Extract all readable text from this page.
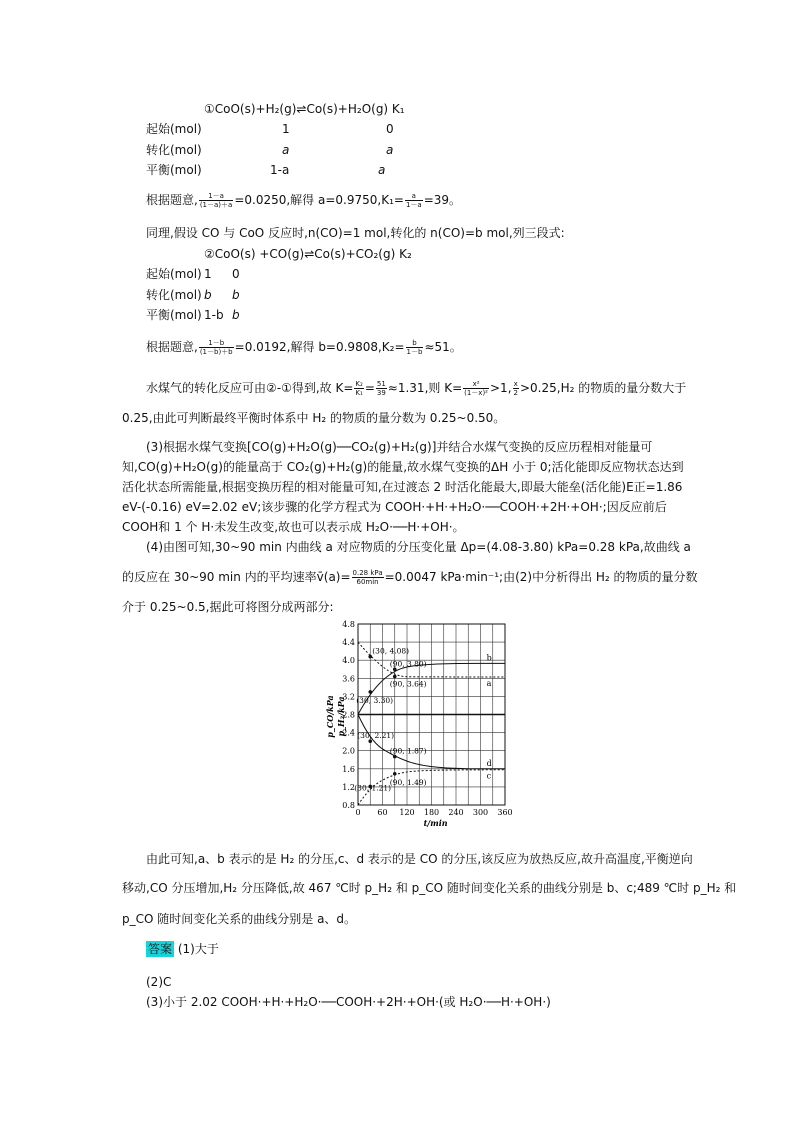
①CoO(s)+H₂(g)⇌Co(s)+H₂O(g) K₁
起始(mol)	1	0
转化(mol)	a	a
平衡(mol)	1-a	a
根据题意, $\frac{1-a}{(1-a)+a} =0.0250$,解得 $a=0.9750,K_1= \frac{a}{1-a} =39$。
同理,假设 CO 与 CoO 反应时,n(CO)=1 mol,转化的 n(CO)=b mol,列三段式:
②CoO(s) +CO(g)⇌Co(s)+CO₂(g) K₂
起始(mol) 1 0
转化(mol) b b
平衡(mol) 1-b b
根据题意, $\frac{1-b}{(1-b)+b} =0.0192$,解得 $b=0.9808,K_2= \frac{b}{1-b} \approx 51$。
水煤气的转化反应可由②-①得到,故 $K= \frac{\text{K₂}}{\text{K₁}} = \frac{51}{39} \approx 1.31$,则 $K= \frac{\text{x²}}{\text{(1－x)²}} >1$, $\frac{x}{2} >0.25,H_2$ 的物质的量分数大于
0.25,由此可判断最终平衡时体系中 H₂ 的物质的量分数为 0.25~0.50。
(3)根据水煤气变换[CO(g)+H₂O(g)──CO₂(g)+H₂(g)]并结合水煤气变换的反应历程相对能量可
知,CO(g)+H₂O(g)的能量高于 CO₂(g)+H₂(g)的能量,故水煤气变换的ΔH 小于 0;活化能即反应物状态达到
活化状态所需能量,根据变换历程的相对能量可知,在过渡态 2 时活化能最大,即最大能垒(活化能)E正=1.86
eV-(-0.16) eV=2.02 eV;该步骤的化学方程式为 COOH·+H·+H₂O·──COOH·+2H·+OH·;因反应前后
COOH和 1 个 H·未发生改变,故也可以表示成 H₂O·──H·+OH·。
(4)由图可知,30~90 min 内曲线 a 对应物质的分压变化量 Δp=(4.08-3.80) kPa=0.28 kPa,故曲线 a
的反应在 30~90 min 内的平均速率v̄(a)= $\frac{\text{0.28 kPa}}{60\min} =0.0047$ kPa·min⁻¹;由(2)中分析得出 H₂ 的物质的量分数
介于 0.25~0.5,据此可将图分成两部分:
0.8
1.2
1.6
2.0
2.4
2.8
3.2
3.6
4.0
4.4
4.8
0 60 120 180 240 300 360
t/min
p_CO/kPa p_H₂/kPa
b
a
d
c
(30, 4.08)
(90, 3.80)
(90, 3.64)
(30, 3.30)
(30, 2.21)
(90, 1.87)
(90, 1.49)
(30, 1.21)
由此可知,a、b 表示的是 H₂ 的分压,c、d 表示的是 CO 的分压,该反应为放热反应,故升高温度,平衡逆向
移动,CO 分压增加,H₂ 分压降低,故 467 ℃时 p_H₂ 和 p_CO 随时间变化关系的曲线分别是 b、c;489 ℃时 p_H₂ 和
p_CO 随时间变化关系的曲线分别是 a、d。
答案 (1)大于
(2)C
(3)小于 2.02 COOH·+H·+H₂O·──COOH·+2H·+OH·(或 H₂O·──H·+OH·)
